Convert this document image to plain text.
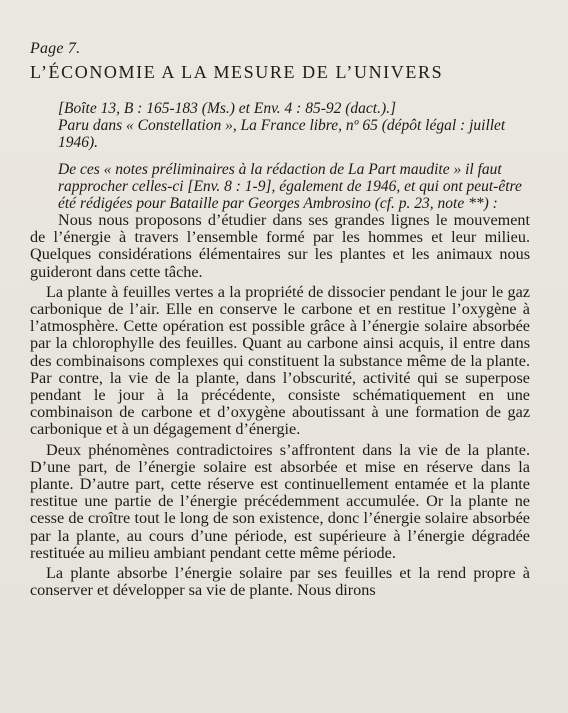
Page 7.
L’ÉCONOMIE A LA MESURE DE L’UNIVERS
[Boîte 13, B : 165-183 (Ms.) et Env. 4 : 85-92 (dact.).]
Paru dans « Constellation », La France libre, nº 65 (dépôt légal : juillet 1946).
De ces « notes préliminaires à la rédaction de La Part maudite » il faut rapprocher celles-ci [Env. 8 : 1-9], également de 1946, et qui ont peut-être été rédigées pour Bataille par Georges Ambrosino (cf. p. 23, note **) :

Nous nous proposons d’étudier dans ses grandes lignes le mouvement de l’énergie à travers l’ensemble formé par les hommes et leur milieu. Quelques considérations élémentaires sur les plantes et les animaux nous guideront dans cette tâche.

La plante à feuilles vertes a la propriété de dissocier pendant le jour le gaz carbonique de l’air. Elle en conserve le carbone et en restitue l’oxygène à l’atmosphère. Cette opération est possible grâce à l’énergie solaire absorbée par la chlorophylle des feuilles. Quant au carbone ainsi acquis, il entre dans des combinaisons complexes qui constituent la substance même de la plante. Par contre, la vie de la plante, dans l’obscurité, activité qui se superpose pendant le jour à la précédente, consiste schématiquement en une combinaison de carbone et d’oxygène aboutissant à une formation de gaz carbonique et à un dégagement d’énergie.

Deux phénomènes contradictoires s’affrontent dans la vie de la plante. D’une part, de l’énergie solaire est absorbée et mise en réserve dans la plante. D’autre part, cette réserve est continuellement entamée et la plante restitue une partie de l’énergie précédemment accumulée. Or la plante ne cesse de croître tout le long de son existence, donc l’énergie solaire absorbée par la plante, au cours d’une période, est supérieure à l’énergie dégradée restituée au milieu ambiant pendant cette même période.

La plante absorbe l’énergie solaire par ses feuilles et la rend propre à conserver et développer sa vie de plante. Nous dirons
